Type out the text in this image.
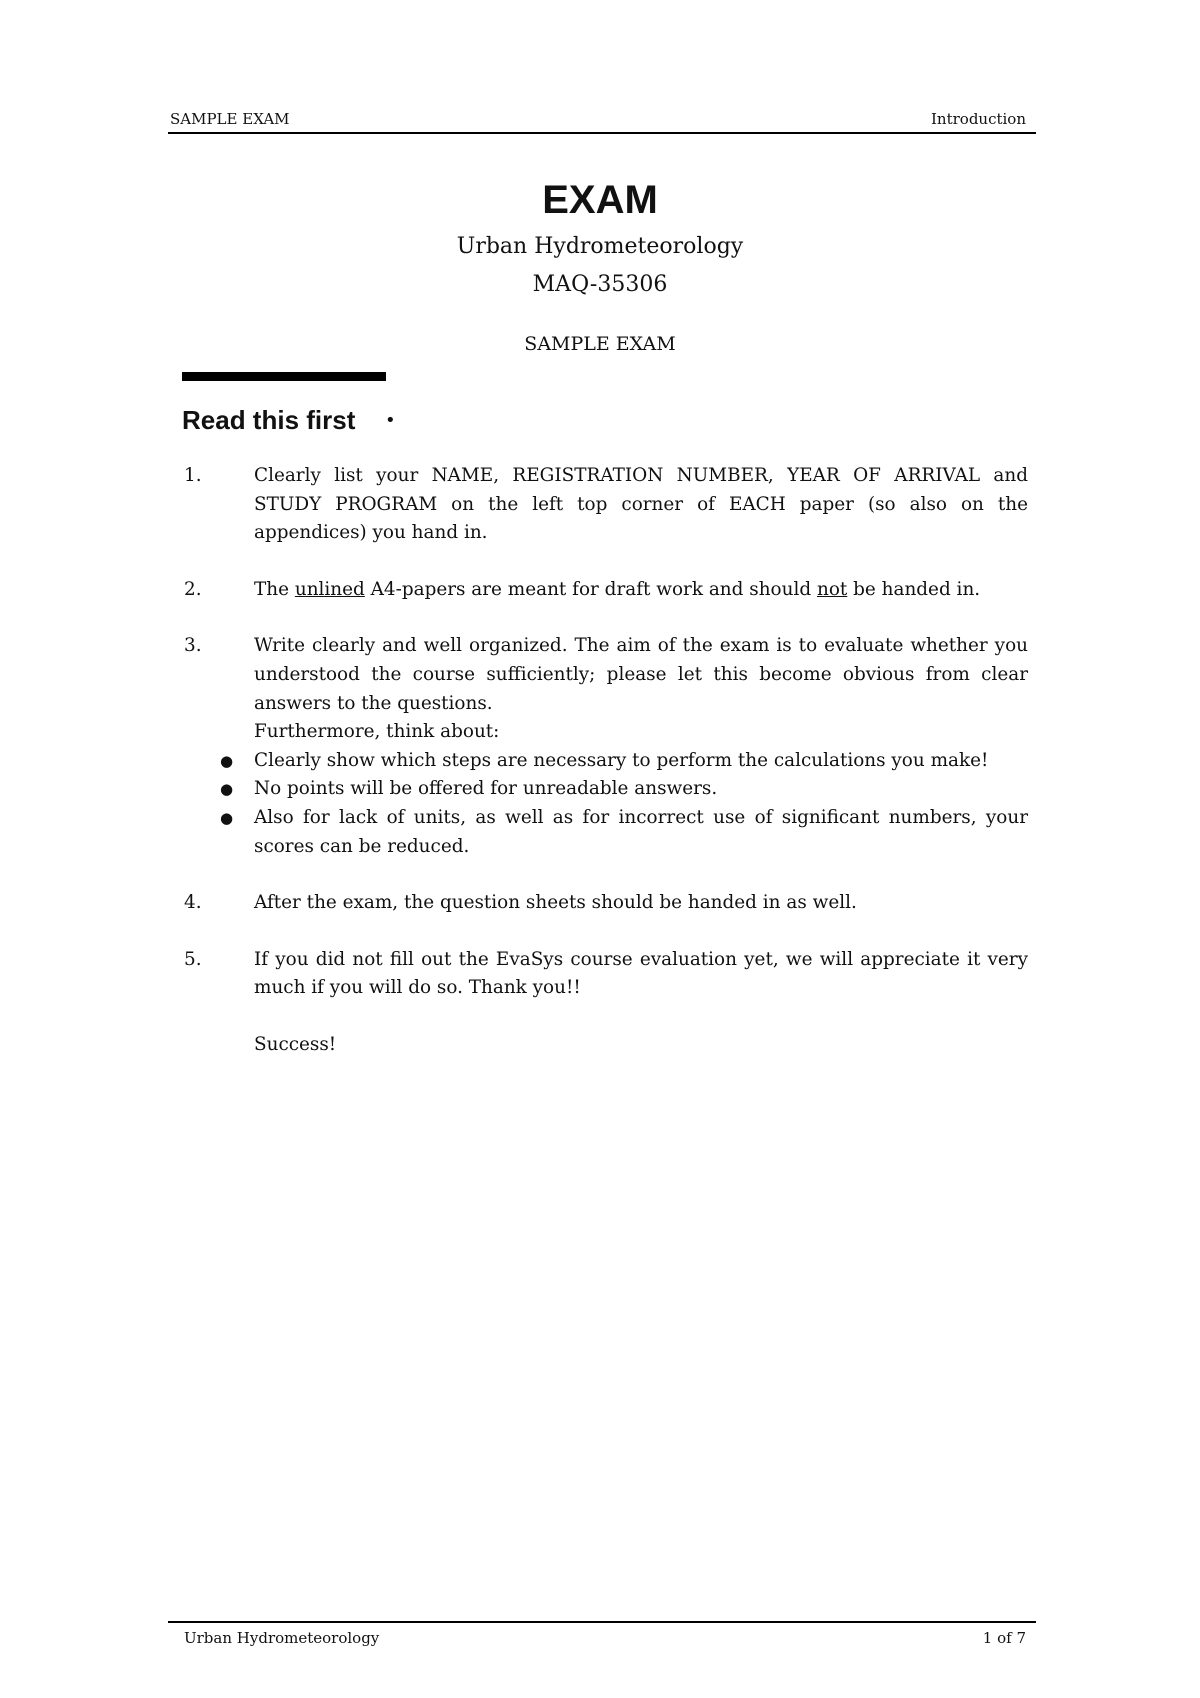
SAMPLE EXAM	Introduction
EXAM
Urban Hydrometeorology
MAQ-35306
SAMPLE EXAM
Read this first •
1.	Clearly list your NAME, REGISTRATION NUMBER, YEAR OF ARRIVAL and STUDY PROGRAM on the left top corner of EACH paper (so also on the appendices) you hand in.

2.	The unlined A4-papers are meant for draft work and should not be handed in.

3.	Write clearly and well organized. The aim of the exam is to evaluate whether you understood the course sufficiently; please let this become obvious from clear answers to the questions.

Furthermore, think about:

● Clearly show which steps are necessary to perform the calculations you make!
● No points will be offered for unreadable answers.
● Also for lack of units, as well as for incorrect use of significant numbers, your scores can be reduced.
4.	After the exam, the question sheets should be handed in as well.

5.	If you did not fill out the EvaSys course evaluation yet, we will appreciate it very much if you will do so. Thank you!!

Success!

Urban Hydrometeorology	1 of 7
